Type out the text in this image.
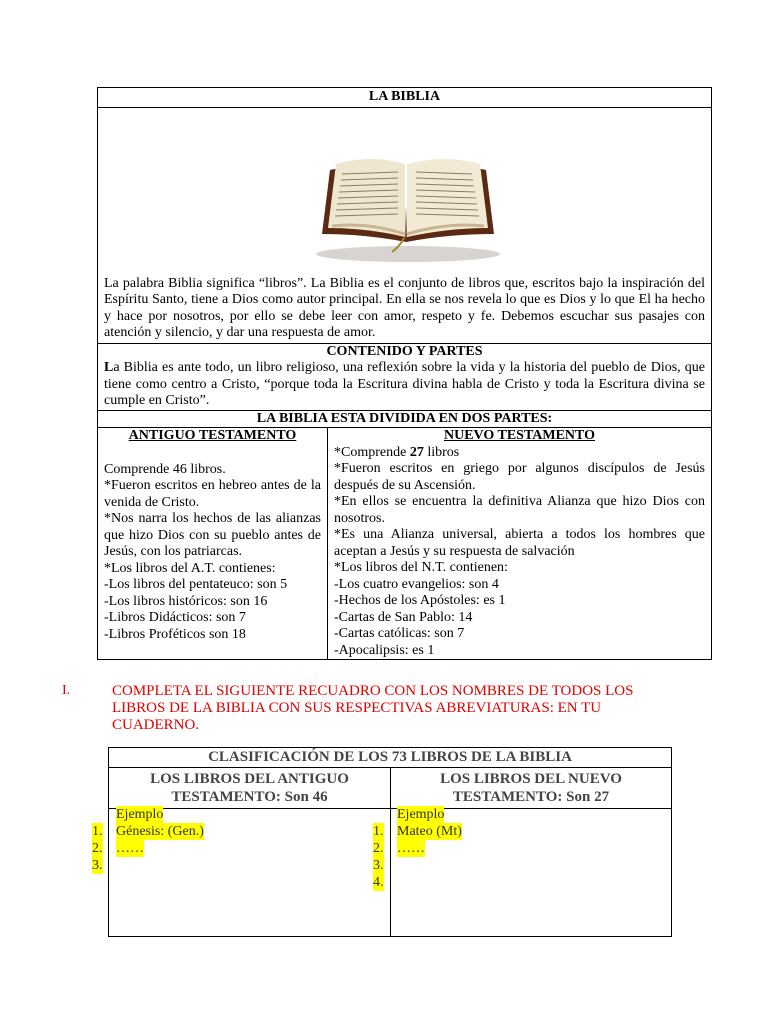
LA BIBLIA
La palabra Biblia significa “libros”. La Biblia es el conjunto de libros que, escritos bajo la inspiración del Espíritu Santo, tiene a Dios como autor principal. En ella se nos revela lo que es Dios y lo que El ha hecho y hace por nosotros, por ello se debe leer con amor, respeto y fe. Debemos escuchar sus pasajes con atención y silencio, y dar una respuesta de amor.
CONTENIDO Y PARTES
La Biblia es ante todo, un libro religioso, una reflexión sobre la vida y la historia del pueblo de Dios, que tiene como centro a Cristo, “porque toda la Escritura divina habla de Cristo y toda la Escritura divina se cumple en Cristo”.
LA BIBLIA ESTA DIVIDIDA EN DOS PARTES:
ANTIGUO TESTAMENTO
Comprende 46 libros.
*Fueron escritos en hebreo antes de la venida de Cristo.
*Nos narra los hechos de las alianzas que hizo Dios con su pueblo antes de Jesús, con los patriarcas.
*Los libros del A.T. contienes:
-Los libros del pentateuco: son 5
-Los libros históricos: son 16
-Libros Didácticos: son 7
-Libros Proféticos son 18
NUEVO TESTAMENTO
*Comprende 27 libros
*Fueron escritos en griego por algunos discípulos de Jesús después de su Ascensión.
*En ellos se encuentra la definitiva Alianza que hizo Dios con nosotros.
*Es una Alianza universal, abierta a todos los hombres que aceptan a Jesús y su respuesta de salvación
*Los libros del N.T. contienen:
-Los cuatro evangelios: son 4
-Hechos de los Apóstoles: es 1
-Cartas de San Pablo: 14
-Cartas católicas: son 7
-Apocalipsis: es 1
I.	COMPLETA EL SIGUIENTE RECUADRO CON LOS NOMBRES DE TODOS LOS LIBROS DE LA BIBLIA CON SUS RESPECTIVAS ABREVIATURAS: EN TU CUADERNO.
CLASIFICACIÓN DE LOS 73 LIBROS DE LA BIBLIA
LOS LIBROS DEL ANTIGUO TESTAMENTO: Son 46
LOS LIBROS DEL NUEVO TESTAMENTO: Son 27
Ejemplo
1. Génesis: (Gen.)
2. ……
3.
Ejemplo
1. Mateo (Mt)
2. ……
3.
4.
